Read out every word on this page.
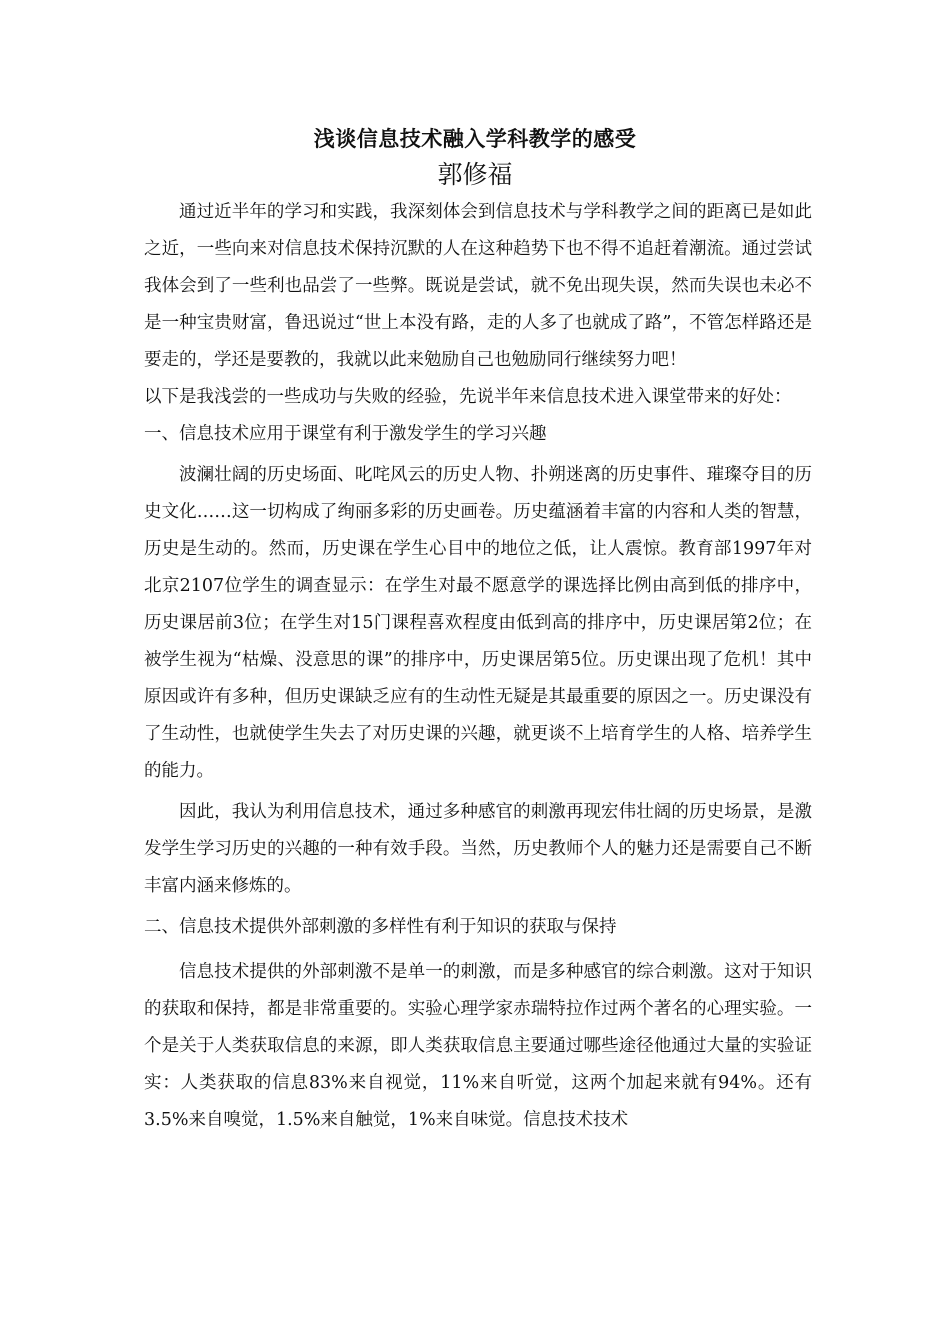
浅谈信息技术融入学科教学的感受
郭修福

通过近半年的学习和实践，我深刻体会到信息技术与学科教学之间的距离已是如此之近，一些向来对信息技术保持沉默的人在这种趋势下也不得不追赶着潮流。通过尝试我体会到了一些利也品尝了一些弊。既说是尝试，就不免出现失误，然而失误也未必不是一种宝贵财富，鲁迅说过“世上本没有路，走的人多了也就成了路”，不管怎样路还是要走的，学还是要教的，我就以此来勉励自己也勉励同行继续努力吧！

以下是我浅尝的一些成功与失败的经验，先说半年来信息技术进入课堂带来的好处：

一、信息技术应用于课堂有利于激发学生的学习兴趣

波澜壮阔的历史场面、叱咤风云的历史人物、扑朔迷离的历史事件、璀璨夺目的历史文化……这一切构成了绚丽多彩的历史画卷。历史蕴涵着丰富的内容和人类的智慧，历史是生动的。然而，历史课在学生心目中的地位之低，让人震惊。教育部1997年对北京2107位学生的调查显示：在学生对最不愿意学的课选择比例由高到低的排序中，历史课居前3位；在学生对15门课程喜欢程度由低到高的排序中，历史课居第2位；在被学生视为“枯燥、没意思的课”的排序中，历史课居第5位。历史课出现了危机！其中原因或许有多种，但历史课缺乏应有的生动性无疑是其最重要的原因之一。历史课没有了生动性，也就使学生失去了对历史课的兴趣，就更谈不上培育学生的人格、培养学生的能力。

因此，我认为利用信息技术，通过多种感官的刺激再现宏伟壮阔的历史场景，是激发学生学习历史的兴趣的一种有效手段。当然，历史教师个人的魅力还是需要自己不断丰富内涵来修炼的。

二、信息技术提供外部刺激的多样性有利于知识的获取与保持

信息技术提供的外部刺激不是单一的刺激，而是多种感官的综合刺激。这对于知识的获取和保持，都是非常重要的。实验心理学家赤瑞特拉作过两个著名的心理实验。一个是关于人类获取信息的来源，即人类获取信息主要通过哪些途径他通过大量的实验证实：人类获取的信息83%来自视觉，11%来自听觉，这两个加起来就有94%。还有3.5%来自嗅觉，1.5%来自触觉，1%来自味觉。信息技术技术
